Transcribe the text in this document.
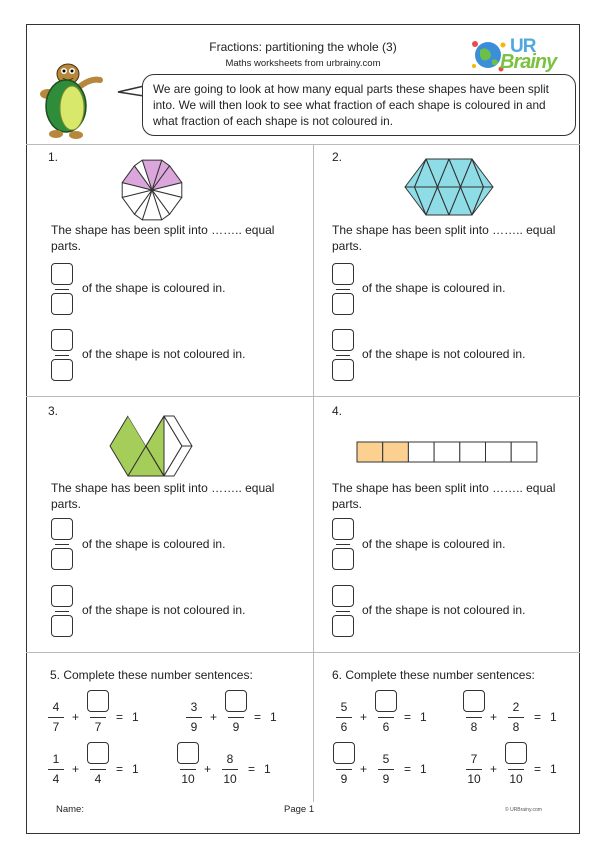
Fractions: partitioning the whole (3)
Maths worksheets from urbrainy.com
UR
Brainy
We are going to look at how many equal parts these shapes have been split into. We will then look to see what fraction of each shape is coloured in and what fraction of each shape is not coloured in.
1.
The shape has been split into …….. equal parts.
of the shape is coloured in.
of the shape is not coloured in.
2.
The shape has been split into …….. equal parts.
of the shape is coloured in.
of the shape is not coloured in.
3.
The shape has been split into …….. equal parts.
of the shape is coloured in.
of the shape is not coloured in.
4.
The shape has been split into …….. equal parts.
of the shape is coloured in.
of the shape is not coloured in.
5. Complete these number sentences:	6. Complete these number sentences:
4
7
+
7
= 1
3
9
+
9
= 1
1
4
+
4
= 1
10
+
8
10
= 1
5
6
+
6
= 1
8
+
2
8
= 1
9
+
5
9
= 1
7
10
+
10
= 1
Name:	Page 1	© URBrainy.com
